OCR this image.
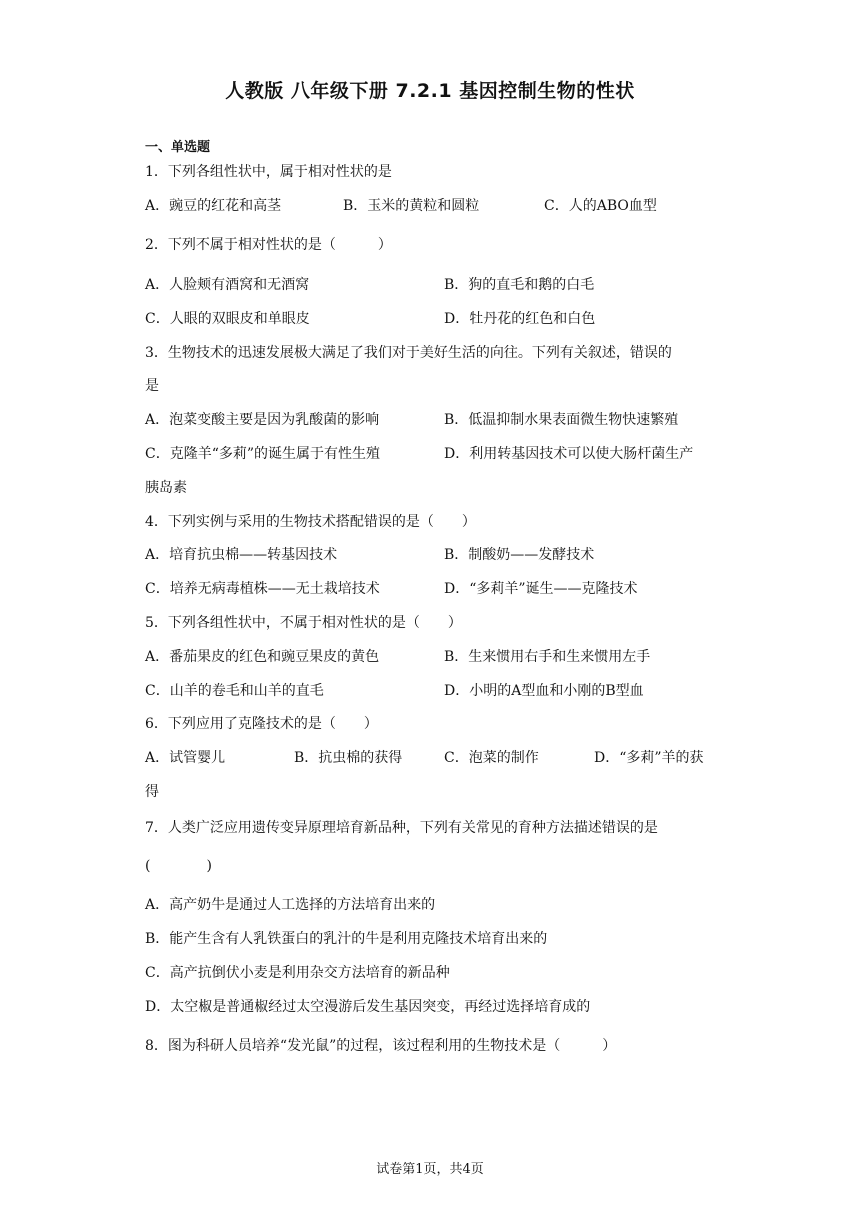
人教版 八年级下册 7.2.1 基因控制生物的性状
一、单选题
1．下列各组性状中，属于相对性状的是
A．豌豆的红花和高茎	B．玉米的黄粒和圆粒	C．人的ABO血型
2．下列不属于相对性状的是（　　　）
A．人脸颊有酒窝和无酒窝	B．狗的直毛和鹅的白毛
C．人眼的双眼皮和单眼皮	D．牡丹花的红色和白色
3．生物技术的迅速发展极大满足了我们对于美好生活的向往。下列有关叙述，错误的
是
A．泡菜变酸主要是因为乳酸菌的影响	B．低温抑制水果表面微生物快速繁殖
C．克隆羊“多莉”的诞生属于有性生殖	D．利用转基因技术可以使大肠杆菌生产
胰岛素
4．下列实例与采用的生物技术搭配错误的是（　　）
A．培育抗虫棉——转基因技术	B．制酸奶——发酵技术
C．培养无病毒植株——无土栽培技术	D．“多莉羊”诞生——克隆技术
5．下列各组性状中，不属于相对性状的是（　　）
A．番茄果皮的红色和豌豆果皮的黄色	B．生来惯用右手和生来惯用左手
C．山羊的卷毛和山羊的直毛	D．小明的A型血和小刚的B型血
6．下列应用了克隆技术的是（　　）
A．试管婴儿	B．抗虫棉的获得	C．泡菜的制作	D．“多莉”羊的获
得
7．人类广泛应用遗传变异原理培育新品种，下列有关常见的育种方法描述错误的是
(　　　　)
A．高产奶牛是通过人工选择的方法培育出来的
B．能产生含有人乳铁蛋白的乳汁的牛是利用克隆技术培育出来的
C．高产抗倒伏小麦是利用杂交方法培育的新品种
D．太空椒是普通椒经过太空漫游后发生基因突变，再经过选择培育成的
8．图为科研人员培养“发光鼠”的过程，该过程利用的生物技术是（　　　）
试卷第1页，共4页
